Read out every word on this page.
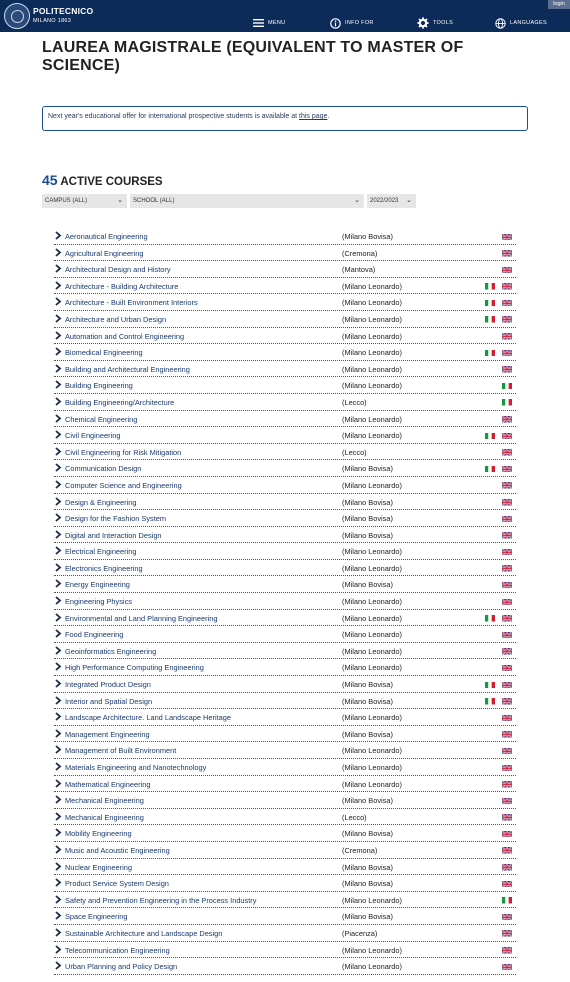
POLITECNICO
MILANO 1863	MENU	INFO FOR	TOOLS	LANGUAGES
login
LAUREA MAGISTRALE (EQUIVALENT TO MASTER OF SCIENCE)
Next year's educational offer for international prospective students is available at this page.
45 ACTIVE COURSES
CAMPUS (ALL)	⌄	SCHOOL (ALL)	⌄	2022/2023 ⌄
Aeronautical Engineering	(Milano Bovisa)
Agricultural Engineering	(Cremona)
Architectural Design and History	(Mantova)
Architecture - Building Architecture	(Milano Leonardo)
Architecture - Built Environment Interiors	(Milano Leonardo)
Architecture and Urban Design	(Milano Leonardo)
Automation and Control Engineering	(Milano Leonardo)
Biomedical Engineering	(Milano Leonardo)
Building and Architectural Engineering	(Milano Leonardo)
Building Engineering	(Milano Leonardo)
Building Engineering/Architecture	(Lecco)
Chemical Engineering	(Milano Leonardo)
Civil Engineering	(Milano Leonardo)
Civil Engineering for Risk Mitigation	(Lecco)
Communication Design	(Milano Bovisa)
Computer Science and Engineering	(Milano Leonardo)
Design & Engineering	(Milano Bovisa)
Design for the Fashion System	(Milano Bovisa)
Digital and Interaction Design	(Milano Bovisa)
Electrical Engineering	(Milano Leonardo)
Electronics Engineering	(Milano Leonardo)
Energy Engineering	(Milano Bovisa)
Engineering Physics	(Milano Leonardo)
Environmental and Land Planning Engineering	(Milano Leonardo)
Food Engineering	(Milano Leonardo)
Geoinformatics Engineering	(Milano Leonardo)
High Performance Computing Engineering	(Milano Leonardo)
Integrated Product Design	(Milano Bovisa)
Interior and Spatial Design	(Milano Bovisa)
Landscape Architecture. Land Landscape Heritage	(Milano Leonardo)
Management Engineering	(Milano Bovisa)
Management of Built Environment	(Milano Leonardo)
Materials Engineering and Nanotechnology	(Milano Leonardo)
Mathematical Engineering	(Milano Leonardo)
Mechanical Engineering	(Milano Bovisa)
Mechanical Engineering	(Lecco)
Mobility Engineering	(Milano Bovisa)
Music and Acoustic Engineering	(Cremona)
Nuclear Engineering	(Milano Bovisa)
Product Service System Design	(Milano Bovisa)
Safety and Prevention Engineering in the Process Industry	(Milano Leonardo)
Space Engineering	(Milano Bovisa)
Sustainable Architecture and Landscape Design	(Piacenza)
Telecommunication Engineering	(Milano Leonardo)
Urban Planning and Policy Design	(Milano Leonardo)
